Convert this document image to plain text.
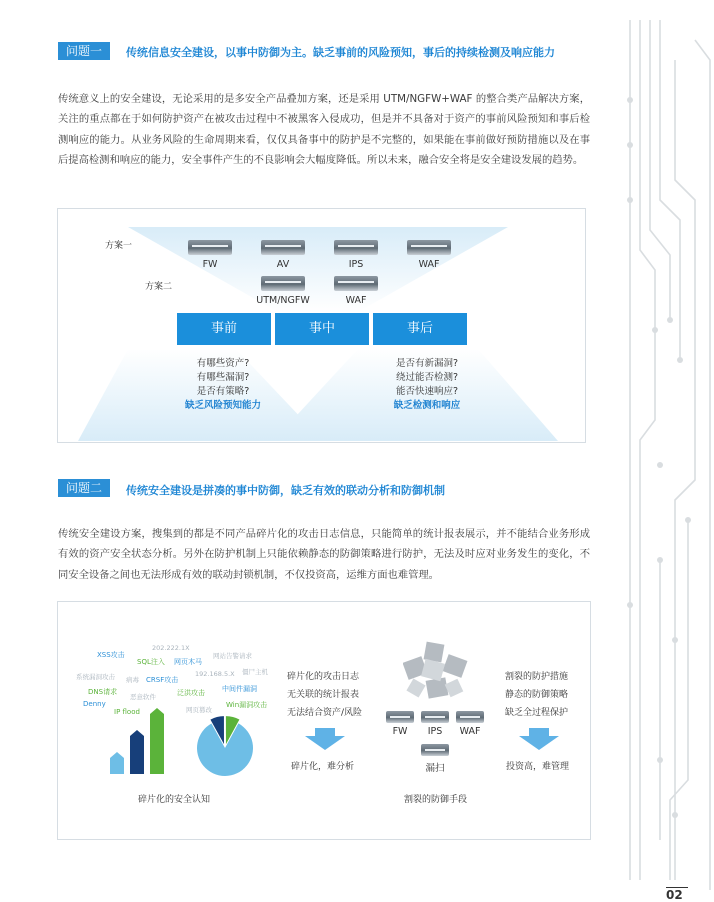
问题一	传统信息安全建设，以事中防御为主。缺乏事前的风险预知，事后的持续检测及响应能力
传统意义上的安全建设，无论采用的是多安全产品叠加方案，还是采用 UTM/NGFW+WAF 的整合类产品解决方案，关注的重点都在于如何防护资产在被攻击过程中不被黑客入侵成功，但是并不具备对于资产的事前风险预知和事后检测响应的能力。从业务风险的生命周期来看，仅仅具备事中的防护是不完整的，如果能在事前做好预防措施以及在事后提高检测和响应的能力，安全事件产生的不良影响会大幅度降低。所以未来，融合安全将是安全建设发展的趋势。
方案一
方案二
FW	AV	IPS	WAF
UTM/NGFW	WAF
事前	事中	事后
有哪些资产?
有哪些漏洞?
是否有策略?
缺乏风险预知能力
是否有新漏洞?
绕过能否检测?
能否快速响应?
缺乏检测和响应
问题二	传统安全建设是拼凑的事中防御，缺乏有效的联动分析和防御机制
传统安全建设方案，搜集到的都是不同产品碎片化的攻击日志信息，只能简单的统计报表展示，并不能结合业务形成有效的资产安全状态分析。另外在防护机制上只能依赖静态的防御策略进行防护，无法及时应对业务发生的变化，不同安全设备之间也无法形成有效的联动封锁机制，不仅投资高，运维方面也难管理。
XSS攻击
202.222.1X
网站告警请求
SQL注入 网页木马
僵尸主机
系统漏洞攻击 病毒 CRSF攻击
192.168.5.X
中间件漏洞
DNS请求
恶意软件	泛洪攻击
Denny
网页篡改
Win漏洞攻击
IP flood
碎片化的安全认知
碎片化的攻击日志
无关联的统计报表
无法结合资产/风险
碎片化，难分析
FW	IPS	WAF
漏扫
割裂的防护措施
静态的防御策略
缺乏全过程保护
投资高，难管理
割裂的防御手段
02
